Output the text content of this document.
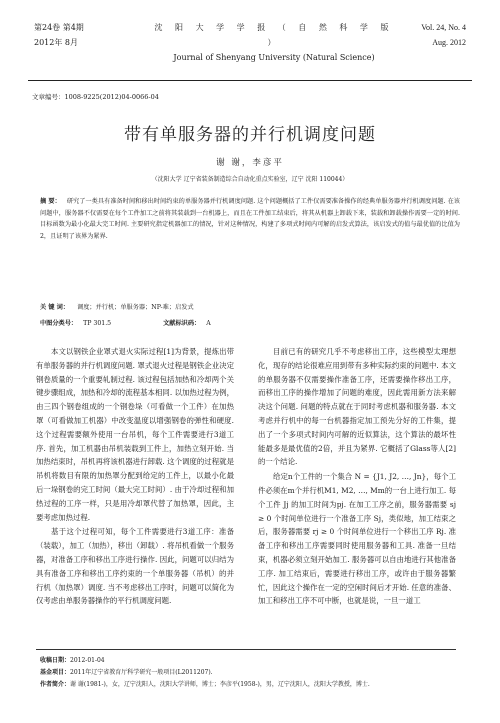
第24卷 第4期
2012年 8月
沈 阳 大 学 学 报 （ 自 然 科 学 版 ）
Journal of Shenyang University (Natural Science)
Vol. 24, No. 4
Aug. 2012
文章编号：1008-9225(2012)04-0066-04
带有单服务器的并行机调度问题
谢 谢，李彦平
（沈阳大学 辽宁省装备制造综合自动化重点实验室，辽宁 沈阳 110044）
摘 要： 研究了一类具有准备时间和移出时间约束的单服务器并行机调度问题. 这个问题概括了工件仅需要准备操作的经典单服务器并行机调度问题. 在该问题中，服务器不仅需要在每个工件加工之前将其装载到一台机器上，而且在工件加工结束后，将其从机器上卸载下来，装载和卸载操作需要一定的时间. 目标函数为最小化最大完工时间. 主要研究指定机器加工的情况，针对这种情况，构建了多项式时间内可解的启发式算法，该启发式的值与最优值的比值为2，且证明了该界为紧界.
关 键 词： 调度；并行机；单服务器；NP-难；启发式
中图分类号： TP 301.5	文献标识码： A

本文以钢铁企业罩式退火实际过程[1]为背景，提炼出带有单服务器的并行机调度问题. 罩式退火过程是钢铁企业决定钢卷质量的一个重要轧制过程. 该过程包括加热和冷却两个关键步骤组成，加热和冷却的流程基本相同. 以加热过程为例，由三四个钢卷组成的一个钢卷垛（可看做一个工件）在加热罩（可看做加工机器）中改变温度以增强钢卷的弹性和硬度. 这个过程需要额外使用一台吊机，每个工件需要进行3道工序. 首先，加工机器由吊机装载到工件上，加热立刻开始. 当加热结束时，吊机再将该机器进行卸载. 这个调度的过程就是吊机将数目有限的加热罩分配到给定的工件上，以最小化最后一垛钢卷的完工时间（最大完工时间）. 由于冷却过程和加热过程的工序一样，只是用冷却罩代替了加热罩，因此，主要考虑加热过程.

基于这个过程可知，每个工件需要进行3道工序：准备（装载），加工（加热），移出（卸载）. 将吊机看做一个服务器，对准备工序和移出工序进行操作. 因此，问题可以归结为具有准备工序和移出工序约束的一个单服务器（吊机）的并行机（加热罩）调度. 当不考虑移出工序时，问题可以简化为仅考虑由单服务器操作的平行机调度问题.

目前已有的研究几乎不考虑移出工序，这些模型太理想化，现存的结论很难应用到带有多种实际约束的问题中. 本文的单服务器不仅需要操作准备工序，还需要操作移出工序，而移出工序的操作增加了问题的难度，因此需用新方法来解决这个问题. 问题的特点就在于同时考虑机器和服务器. 本文考虑并行机中的每一台机器指定加工预先分好的工件集，提出了一个多项式时间内可解的近似算法，这个算法的最坏性能最多是最优值的2倍，并且为紧界. 它概括了Glass等人[2]的一个结论.

给定n个工件的一个集合 N = {J1, J2, …, Jn}，每个工件必须在m个并行机M1, M2, …, Mm的一台上进行加工. 每个工件 Jj 的加工时间为pj. 在加工工序之前，服务器需要 sj ≥ 0 个时间单位进行一个准备工序 Sj，类似地，加工结束之后，服务器需要 rj ≥ 0 个时间单位进行一个移出工序 Rj. 准备工序和移出工序需要同时使用服务器和工具. 准备一旦结束，机器必须立刻开始加工. 服务器可以自由地进行其他准备工序. 加工结束后，需要进行移出工序，或许由于服务器繁忙，因此这个操作在一定的空闲时间后才开始. 任意的准备、加工和移出工序不可中断，也就是说，一旦一道工

收稿日期：2012-01-04
基金项目：2011年辽宁省教育厅科学研究一般项目(L2011207).
作者简介：谢 谢(1981-)，女，辽宁沈阳人，沈阳大学讲师，博士；李彦平(1958-)，男，辽宁沈阳人，沈阳大学教授，博士.
